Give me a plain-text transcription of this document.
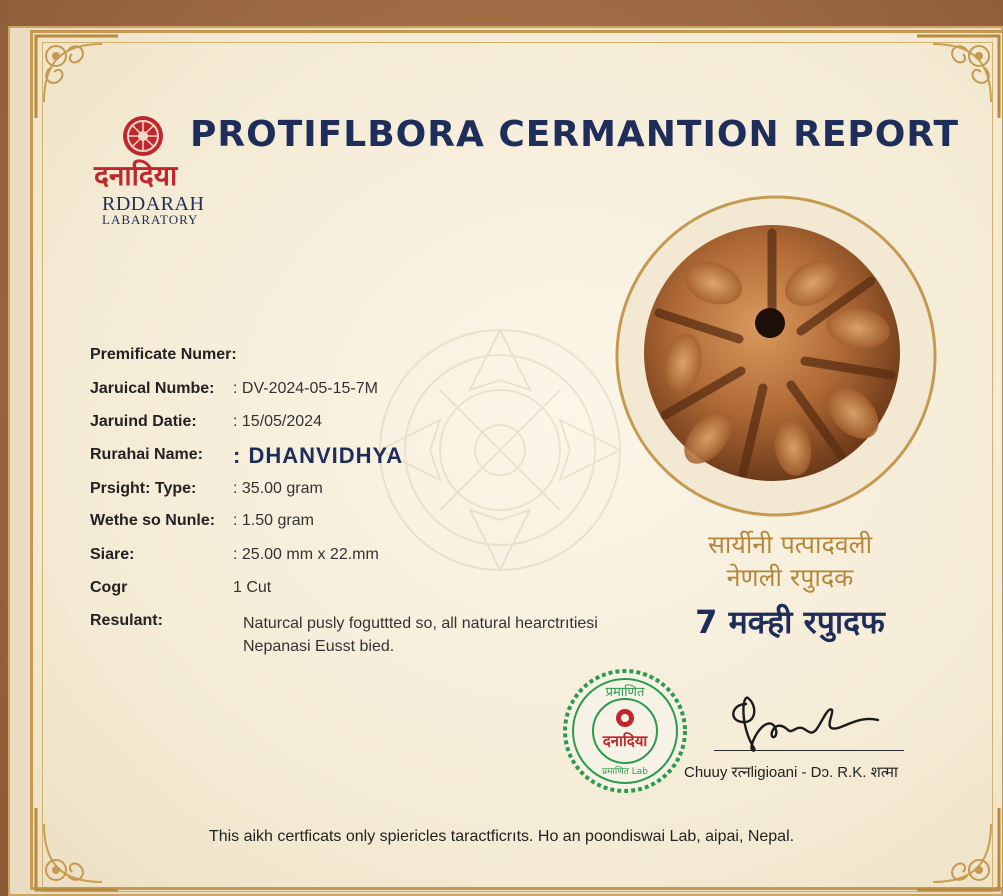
दनादिया
RDDARAH
LABARATORY
PROTIFLBORA CERMANTION REPORT
Premificate Numer:
Jaruical Numbe: : DV-2024-05-15-7M
Jaruind Datie: : 15/05/2024
Rurahai Name: : DHANVIDHYA
Prsight: Type: : 35.00 gram
Wethe so Nunle: : 1.50 gram
Siare:	: 25.00 mm x 22.mm
Cogr	1 Cut
Resulant:	Naturcal pusly foguttted so, all natural hearctrıtiesi Nepanasi Eusst bied.
सार्यीनी पत्पादवली
नेणली रपुादक
7 मक्ही रपुादफ
प्रमाणित
दनादिया
प्रमाणित Lab Chuuy रत्नligioani - Dɔ. R.K. शत्मा
This aikh certficats only spiericles taractficrıts. Ho an poondiswai Lab, aipai, Nepal.
